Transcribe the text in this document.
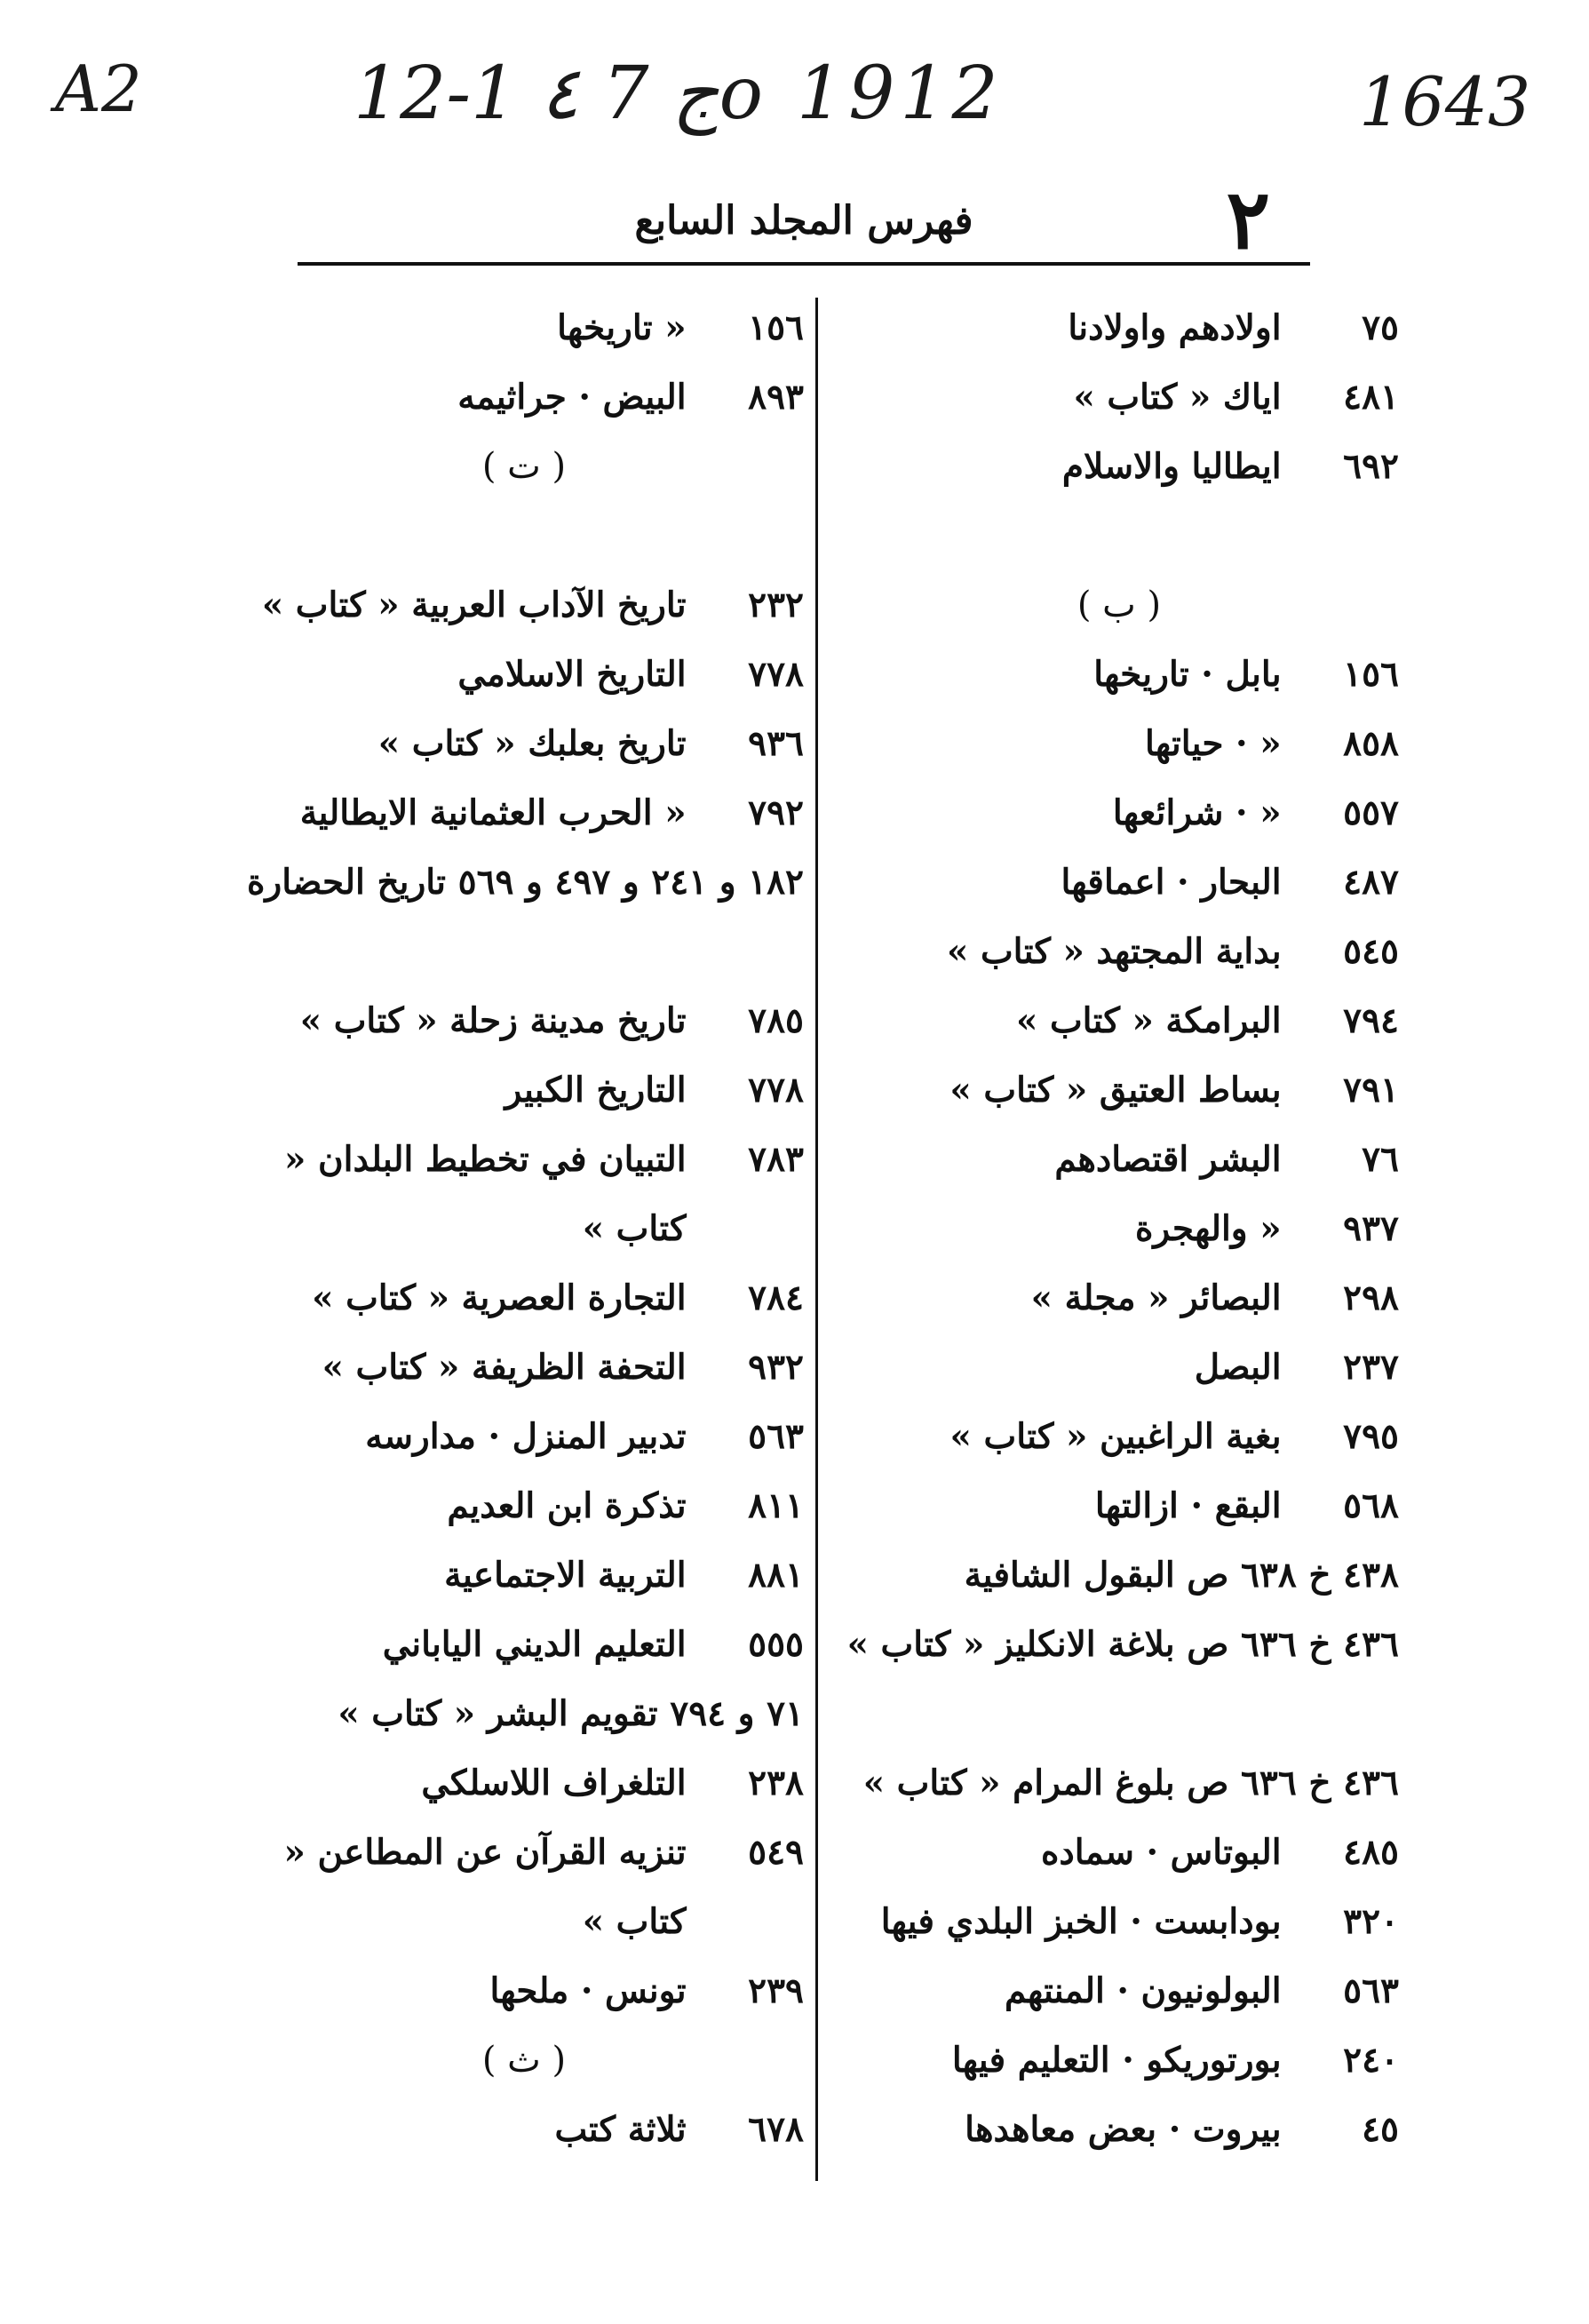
A2	12-1 ٤ 7 جo 1912	1643
٢
فهرس المجلد السابع
٧٥ اولادهم واولادنا
٤٨١ اياك « كتاب »
٦٩٢ ايطاليا والاسلام
( ب )
١٥٦ بابل · تاريخها
٨٥٨ « · حياتها
٥٥٧ « · شرائعها
٤٨٧ البحار · اعماقها
٥٤٥ بداية المجتهد « كتاب »
٧٩٤ البرامكة « كتاب »
٧٩١ بساط العتيق « كتاب »
٧٦ البشر اقتصادهم
٩٣٧ « والهجرة
٢٩٨ البصائر « مجلة »
٢٣٧ البصل
٧٩٥ بغية الراغبين « كتاب »
٥٦٨ البقع · ازالتها
٤٣٨ خ ٦٣٨ ص البقول الشافية
٤٣٦ خ ٦٣٦ ص بلاغة الانكليز « كتاب »
٤٣٦ خ ٦٣٦ ص بلوغ المرام « كتاب »
٤٨٥ البوتاس · سماده
٣٢٠ بودابست · الخبز البلدي فيها
٥٦٣ البولونيون · المنتهم
٢٤٠ بورتوريكو · التعليم فيها
٤٥ بيروت · بعض معاهدها
١٥٦ « تاريخها
٨٩٣ البيض · جراثيمه
( ت )
٢٣٢ تاريخ الآداب العربية « كتاب »
٧٧٨ التاريخ الاسلامي
٩٣٦ تاريخ بعلبك « كتاب »
٧٩٢ « الحرب العثمانية الايطالية
١٨٢ و ٢٤١ و ٤٩٧ و ٥٦٩ تاريخ الحضارة
٧٨٥ تاريخ مدينة زحلة « كتاب »
٧٧٨ التاريخ الكبير
٧٨٣ التبيان في تخطيط البلدان « كتاب »
٧٨٤ التجارة العصرية « كتاب »
٩٣٢ التحفة الظريفة « كتاب »
٥٦٣ تدبير المنزل · مدارسه
٨١١ تذكرة ابن العديم
٨٨١ التربية الاجتماعية
٥٥٥ التعليم الديني الياباني
٧١ و ٧٩٤ تقويم البشر « كتاب »
٢٣٨ التلغراف اللاسلكي
٥٤٩ تنزيه القرآن عن المطاعن « كتاب »
٢٣٩ تونس · ملحها
( ث )
٦٧٨ ثلاثة كتب
